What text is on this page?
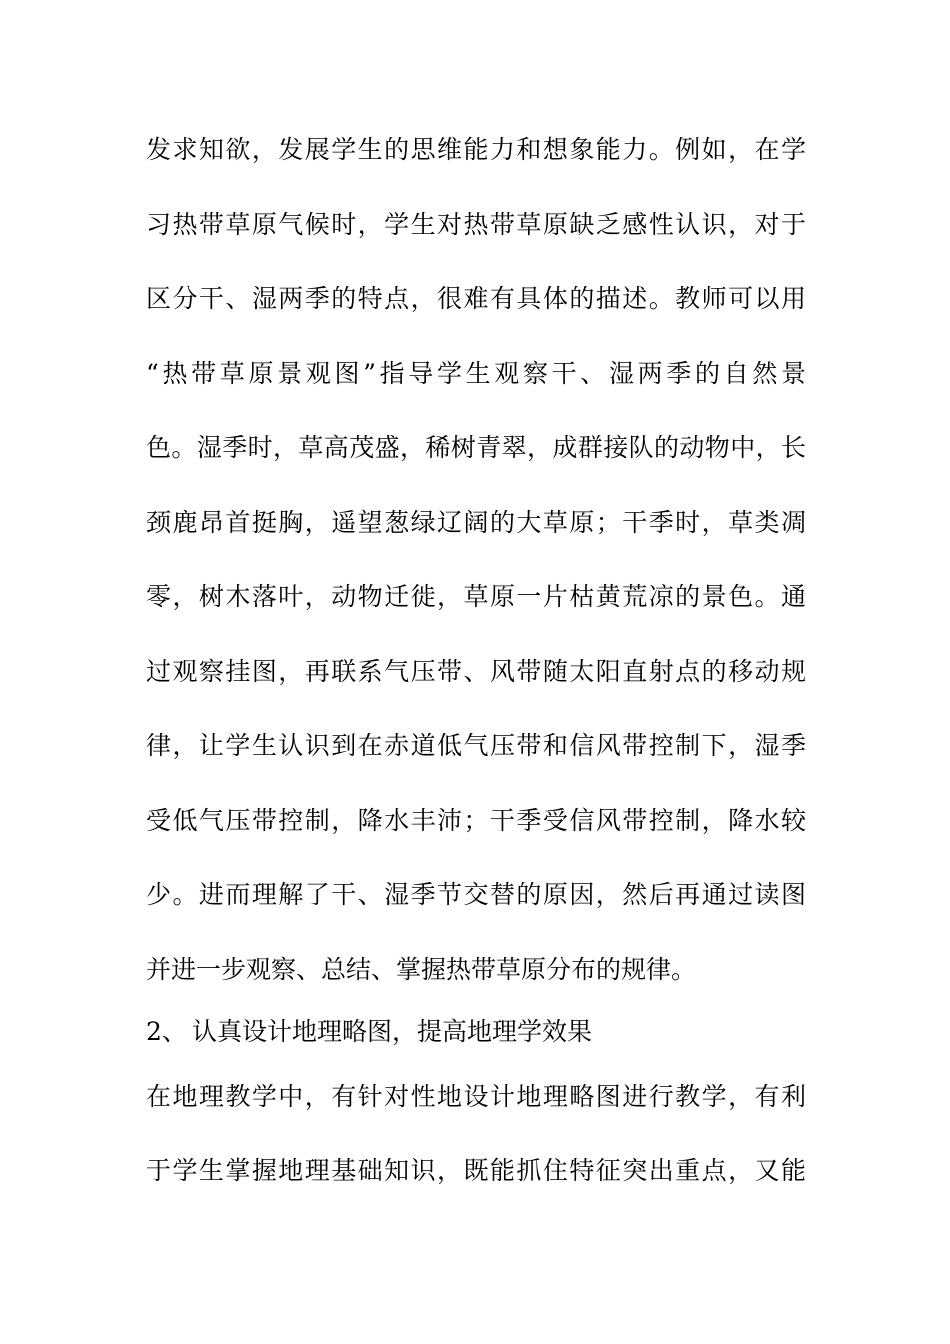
发求知欲，发展学生的思维能力和想象能力。例如，在学
习热带草原气候时，学生对热带草原缺乏感性认识，对于
区分干、湿两季的特点，很难有具体的描述。教师可以用
“热带草原景观图”指导学生观察干、湿两季的自然景
色。湿季时，草高茂盛，稀树青翠，成群接队的动物中，长
颈鹿昂首挺胸，遥望葱绿辽阔的大草原；干季时，草类凋
零，树木落叶，动物迁徙，草原一片枯黄荒凉的景色。通
过观察挂图，再联系气压带、风带随太阳直射点的移动规
律，让学生认识到在赤道低气压带和信风带控制下，湿季
受低气压带控制，降水丰沛；干季受信风带控制，降水较
少。进而理解了干、湿季节交替的原因，然后再通过读图
并进一步观察、总结、掌握热带草原分布的规律。
2、 认真设计地理略图，提高地理学效果
在地理教学中，有针对性地设计地理略图进行教学，有利
于学生掌握地理基础知识，既能抓住特征突出重点，又能
